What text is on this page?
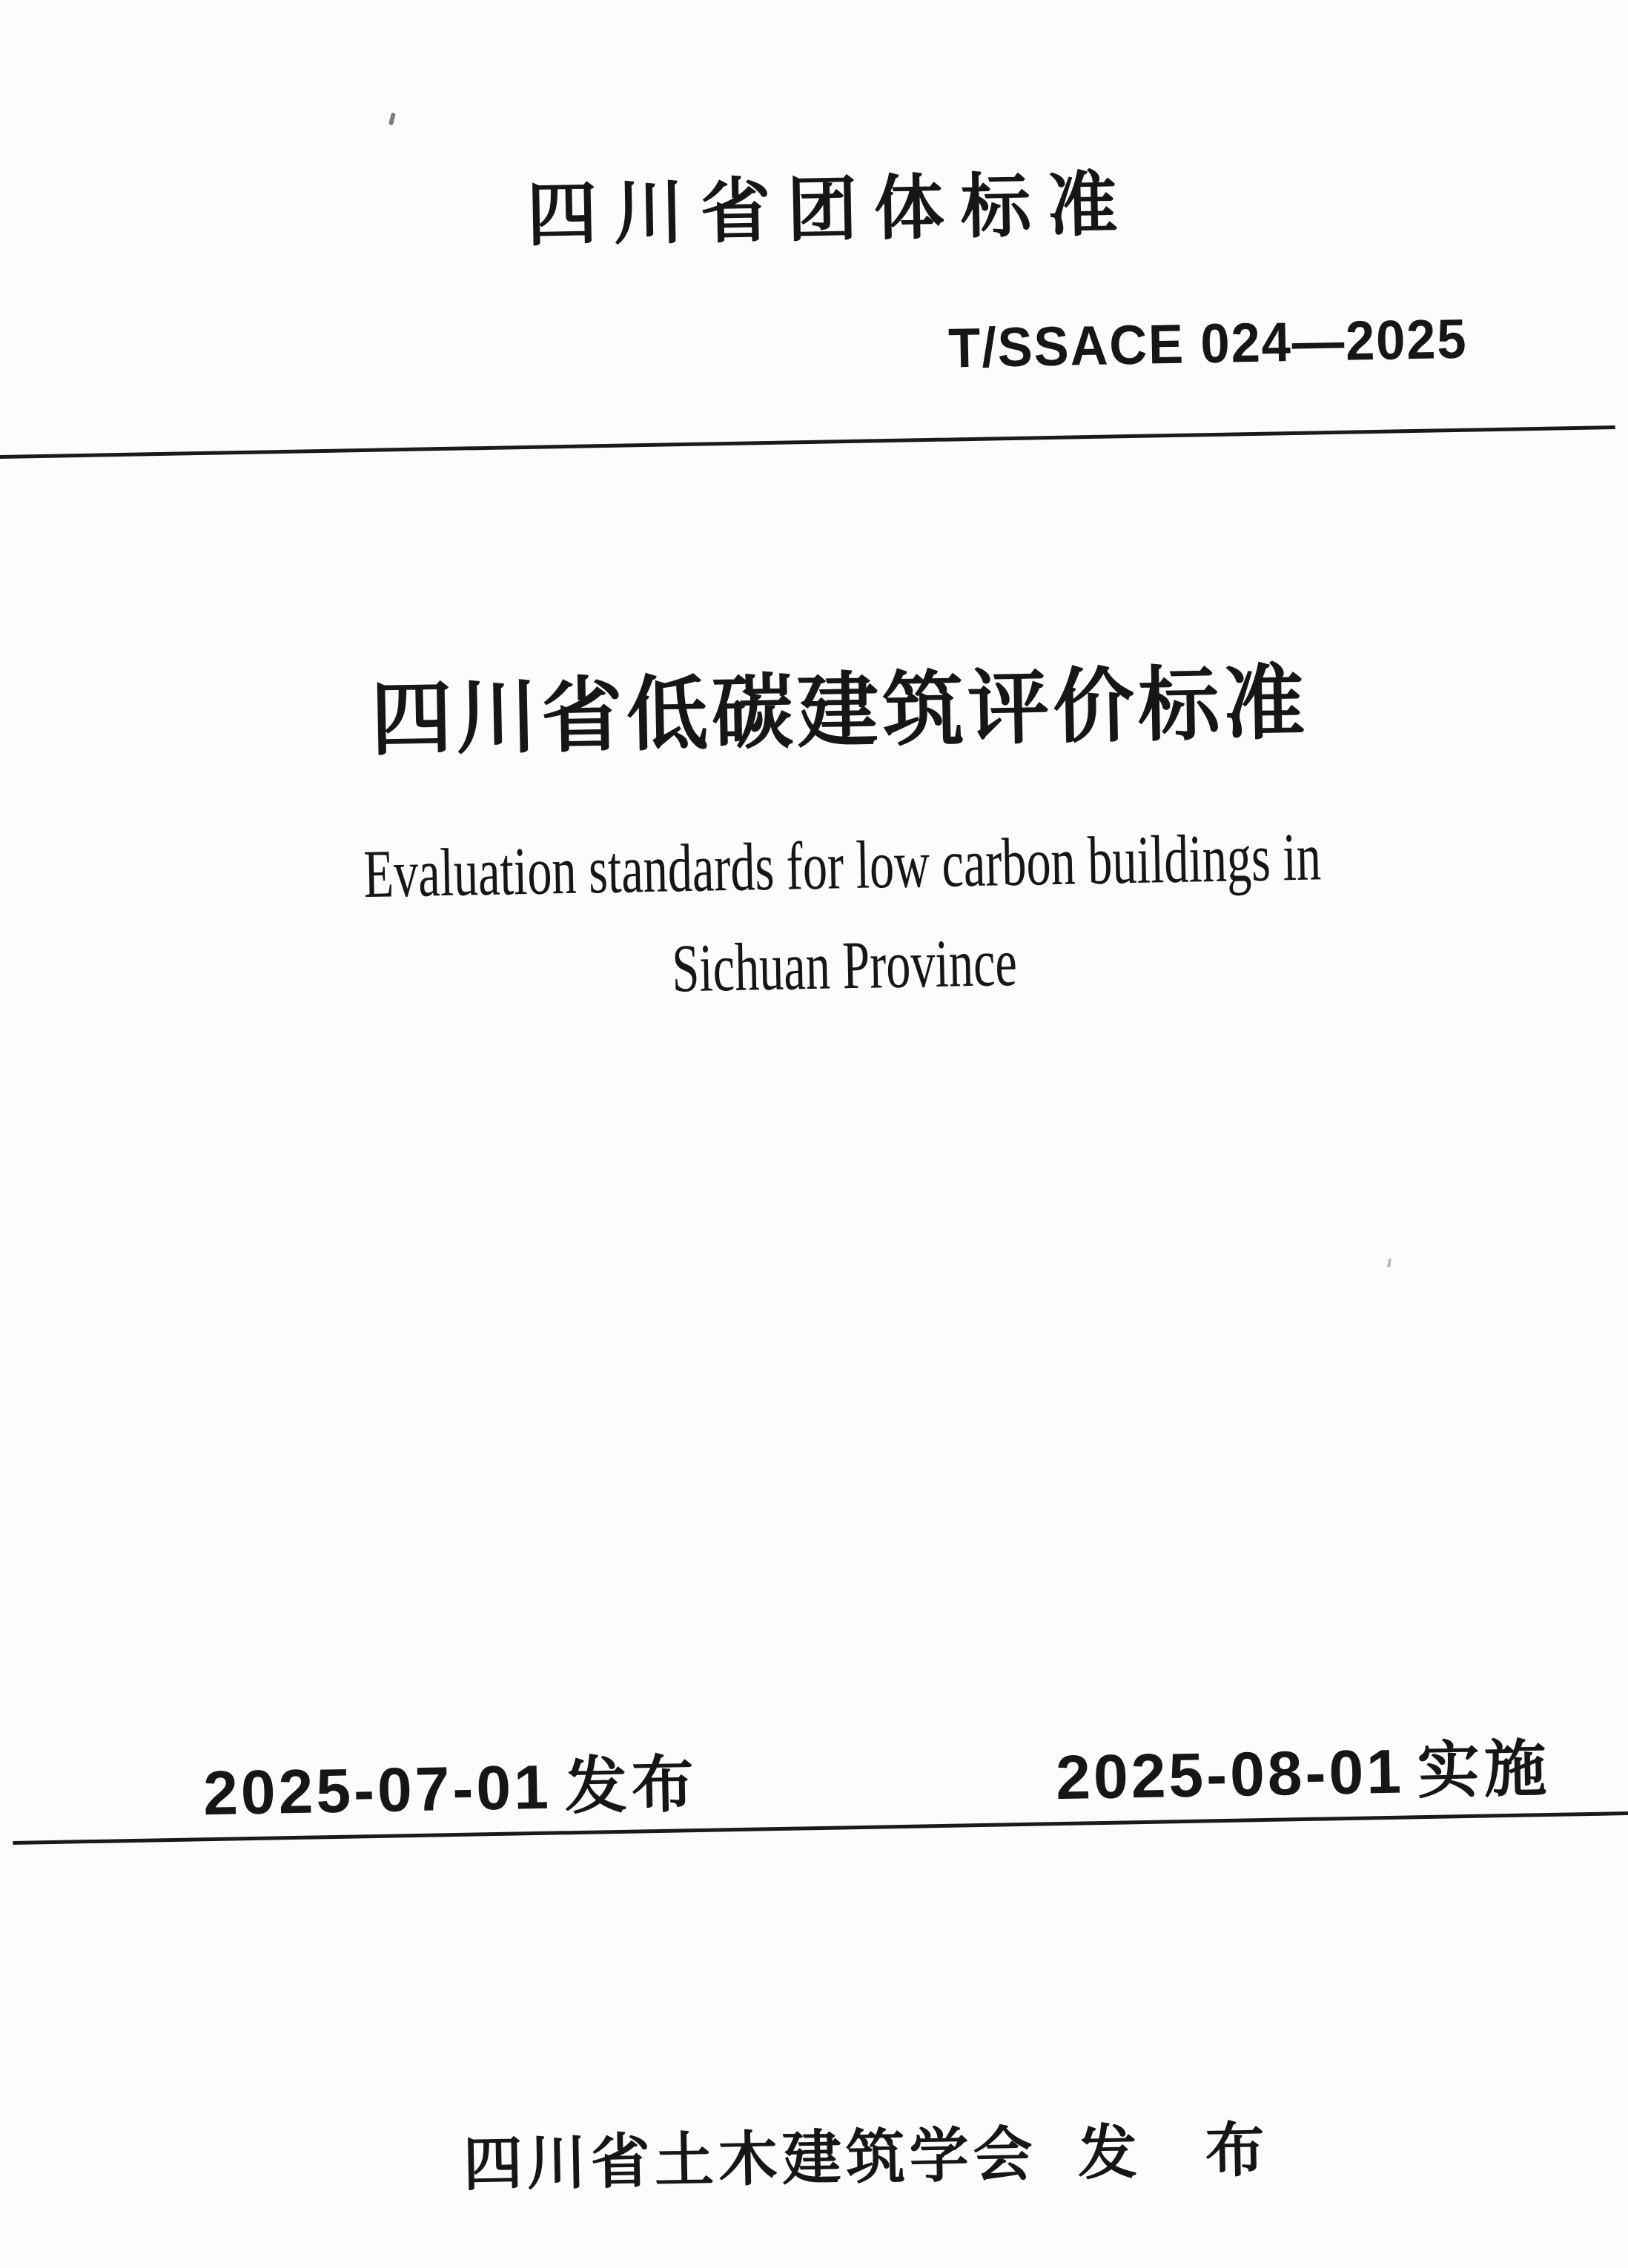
四川省团体标准
T/SSACE 024—2025
四川省低碳建筑评价标准
Evaluation standards for low carbon buildings in
Sichuan Province
2025-07-01 发布	2025-08-01 实施
四川省土木建筑学会 发　布
